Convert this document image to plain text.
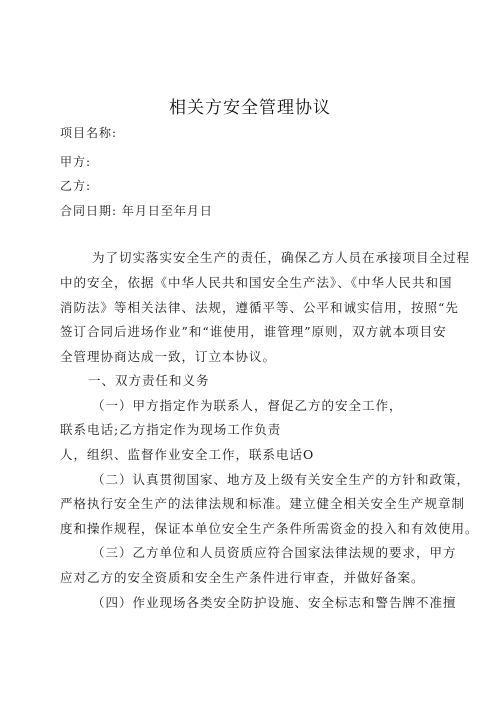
相关方安全管理协议
项目名称:
甲方:
乙方:
合同日期: 年月日至年月日
为了切实落实安全生产的责任，确保乙方人员在承接项目全过程
中的安全，依据《中华人民共和国安全生产法》、《中华人民共和国
消防法》等相关法律、法规，遵循平等、公平和诚实信用，按照“先
签订合同后进场作业”和“谁使用，谁管理”原则，双方就本项目安
全管理协商达成一致，订立本协议。
一、双方责任和义务
（一）甲方指定作为联系人，督促乙方的安全工作，
联系电话;乙方指定作为现场工作负责
人，组织、监督作业安全工作，联系电话O
（二）认真贯彻国家、地方及上级有关安全生产的方针和政策，
严格执行安全生产的法律法规和标准。建立健全相关安全生产规章制
度和操作规程，保证本单位安全生产条件所需资金的投入和有效使用。
（三）乙方单位和人员资质应符合国家法律法规的要求，甲方
应对乙方的安全资质和安全生产条件进行审查，并做好备案。
（四）作业现场各类安全防护设施、安全标志和警告牌不准擅
